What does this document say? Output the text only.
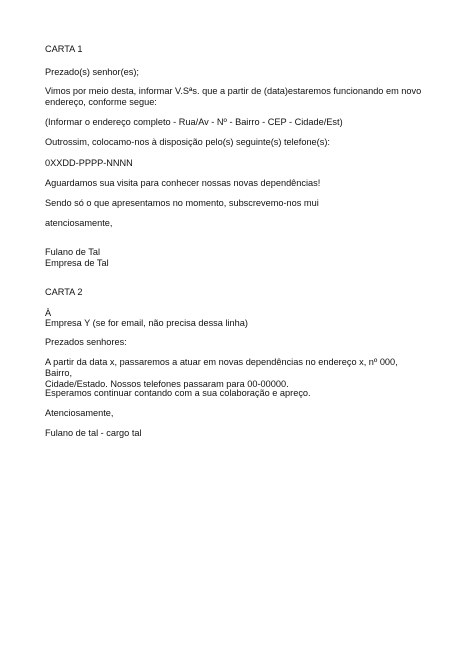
CARTA 1
Prezado(s) senhor(es);
Vimos por meio desta, informar V.Sªs. que a partir de (data)estaremos funcionando em novo
endereço, conforme segue:
(Informar o endereço completo - Rua/Av - Nº - Bairro - CEP - Cidade/Est)
Outrossim, colocamo-nos à disposição pelo(s) seguinte(s) telefone(s):
0XXDD-PPPP-NNNN
Aguardamos sua visita para conhecer nossas novas dependências!
Sendo só o que apresentamos no momento, subscrevemo-nos mui
atenciosamente,
Fulano de Tal
Empresa de Tal
CARTA 2
À
Empresa Y (se for email, não precisa dessa linha)
Prezados senhores:
A partir da data x, passaremos a atuar em novas dependências no endereço x, nº 000, Bairro,
Cidade/Estado. Nossos telefones passaram para 00-00000.
Esperamos continuar contando com a sua colaboração e apreço.
Atenciosamente,
Fulano de tal - cargo tal
